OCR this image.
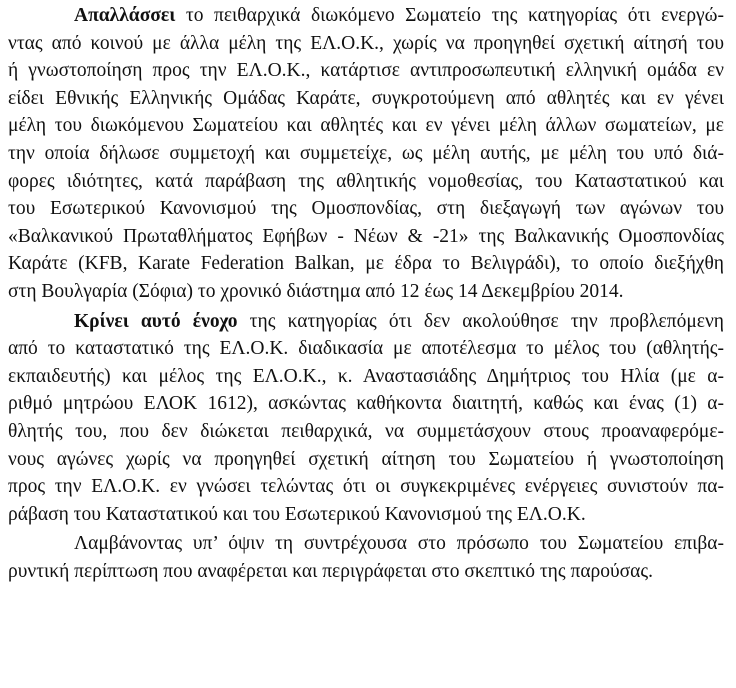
Απαλλάσσει το πειθαρχικά διωκόμενο Σωματείο της κατηγορίας ότι ενεργώ-
ντας από κοινού με άλλα μέλη της ΕΛ.Ο.Κ., χωρίς να προηγηθεί σχετική αίτησή του
ή γνωστοποίηση προς την ΕΛ.Ο.Κ., κατάρτισε αντιπροσωπευτική ελληνική ομάδα εν
είδει Εθνικής Ελληνικής Ομάδας Καράτε, συγκροτούμενη από αθλητές και εν γένει
μέλη του διωκόμενου Σωματείου και αθλητές και εν γένει μέλη άλλων σωματείων, με
την οποία δήλωσε συμμετοχή και συμμετείχε, ως μέλη αυτής, με μέλη του υπό διά-
φορες ιδιότητες, κατά παράβαση της αθλητικής νομοθεσίας, του Καταστατικού και
του Εσωτερικού Κανονισμού της Ομοσπονδίας, στη διεξαγωγή των αγώνων του
«Βαλκανικού Πρωταθλήματος Εφήβων - Νέων & -21» της Βαλκανικής Ομοσπονδίας
Καράτε (KFB, Karate Federation Balkan, με έδρα το Βελιγράδι), το οποίο διεξήχθη
στη Βουλγαρία (Σόφια) το χρονικό διάστημα από 12 έως 14 Δεκεμβρίου 2014.
Κρίνει αυτό ένοχο της κατηγορίας ότι δεν ακολούθησε την προβλεπόμενη
από το καταστατικό της ΕΛ.Ο.Κ. διαδικασία με αποτέλεσμα το μέλος του (αθλητής-
εκπαιδευτής) και μέλος της ΕΛ.Ο.Κ., κ. Αναστασιάδης Δημήτριος του Ηλία (με α-
ριθμό μητρώου ΕΛΟΚ 1612), ασκώντας καθήκοντα διαιτητή, καθώς και ένας (1) α-
θλητής του, που δεν διώκεται πειθαρχικά, να συμμετάσχουν στους προαναφερόμε-
νους αγώνες χωρίς να προηγηθεί σχετική αίτηση του Σωματείου ή γνωστοποίηση
προς την ΕΛ.Ο.Κ. εν γνώσει τελώντας ότι οι συγκεκριμένες ενέργειες συνιστούν πα-
ράβαση του Καταστατικού και του Εσωτερικού Κανονισμού της ΕΛ.Ο.Κ.
Λαμβάνοντας υπ’ όψιν τη συντρέχουσα στο πρόσωπο του Σωματείου επιβα-
ρυντική περίπτωση που αναφέρεται και περιγράφεται στο σκεπτικό της παρούσας.
